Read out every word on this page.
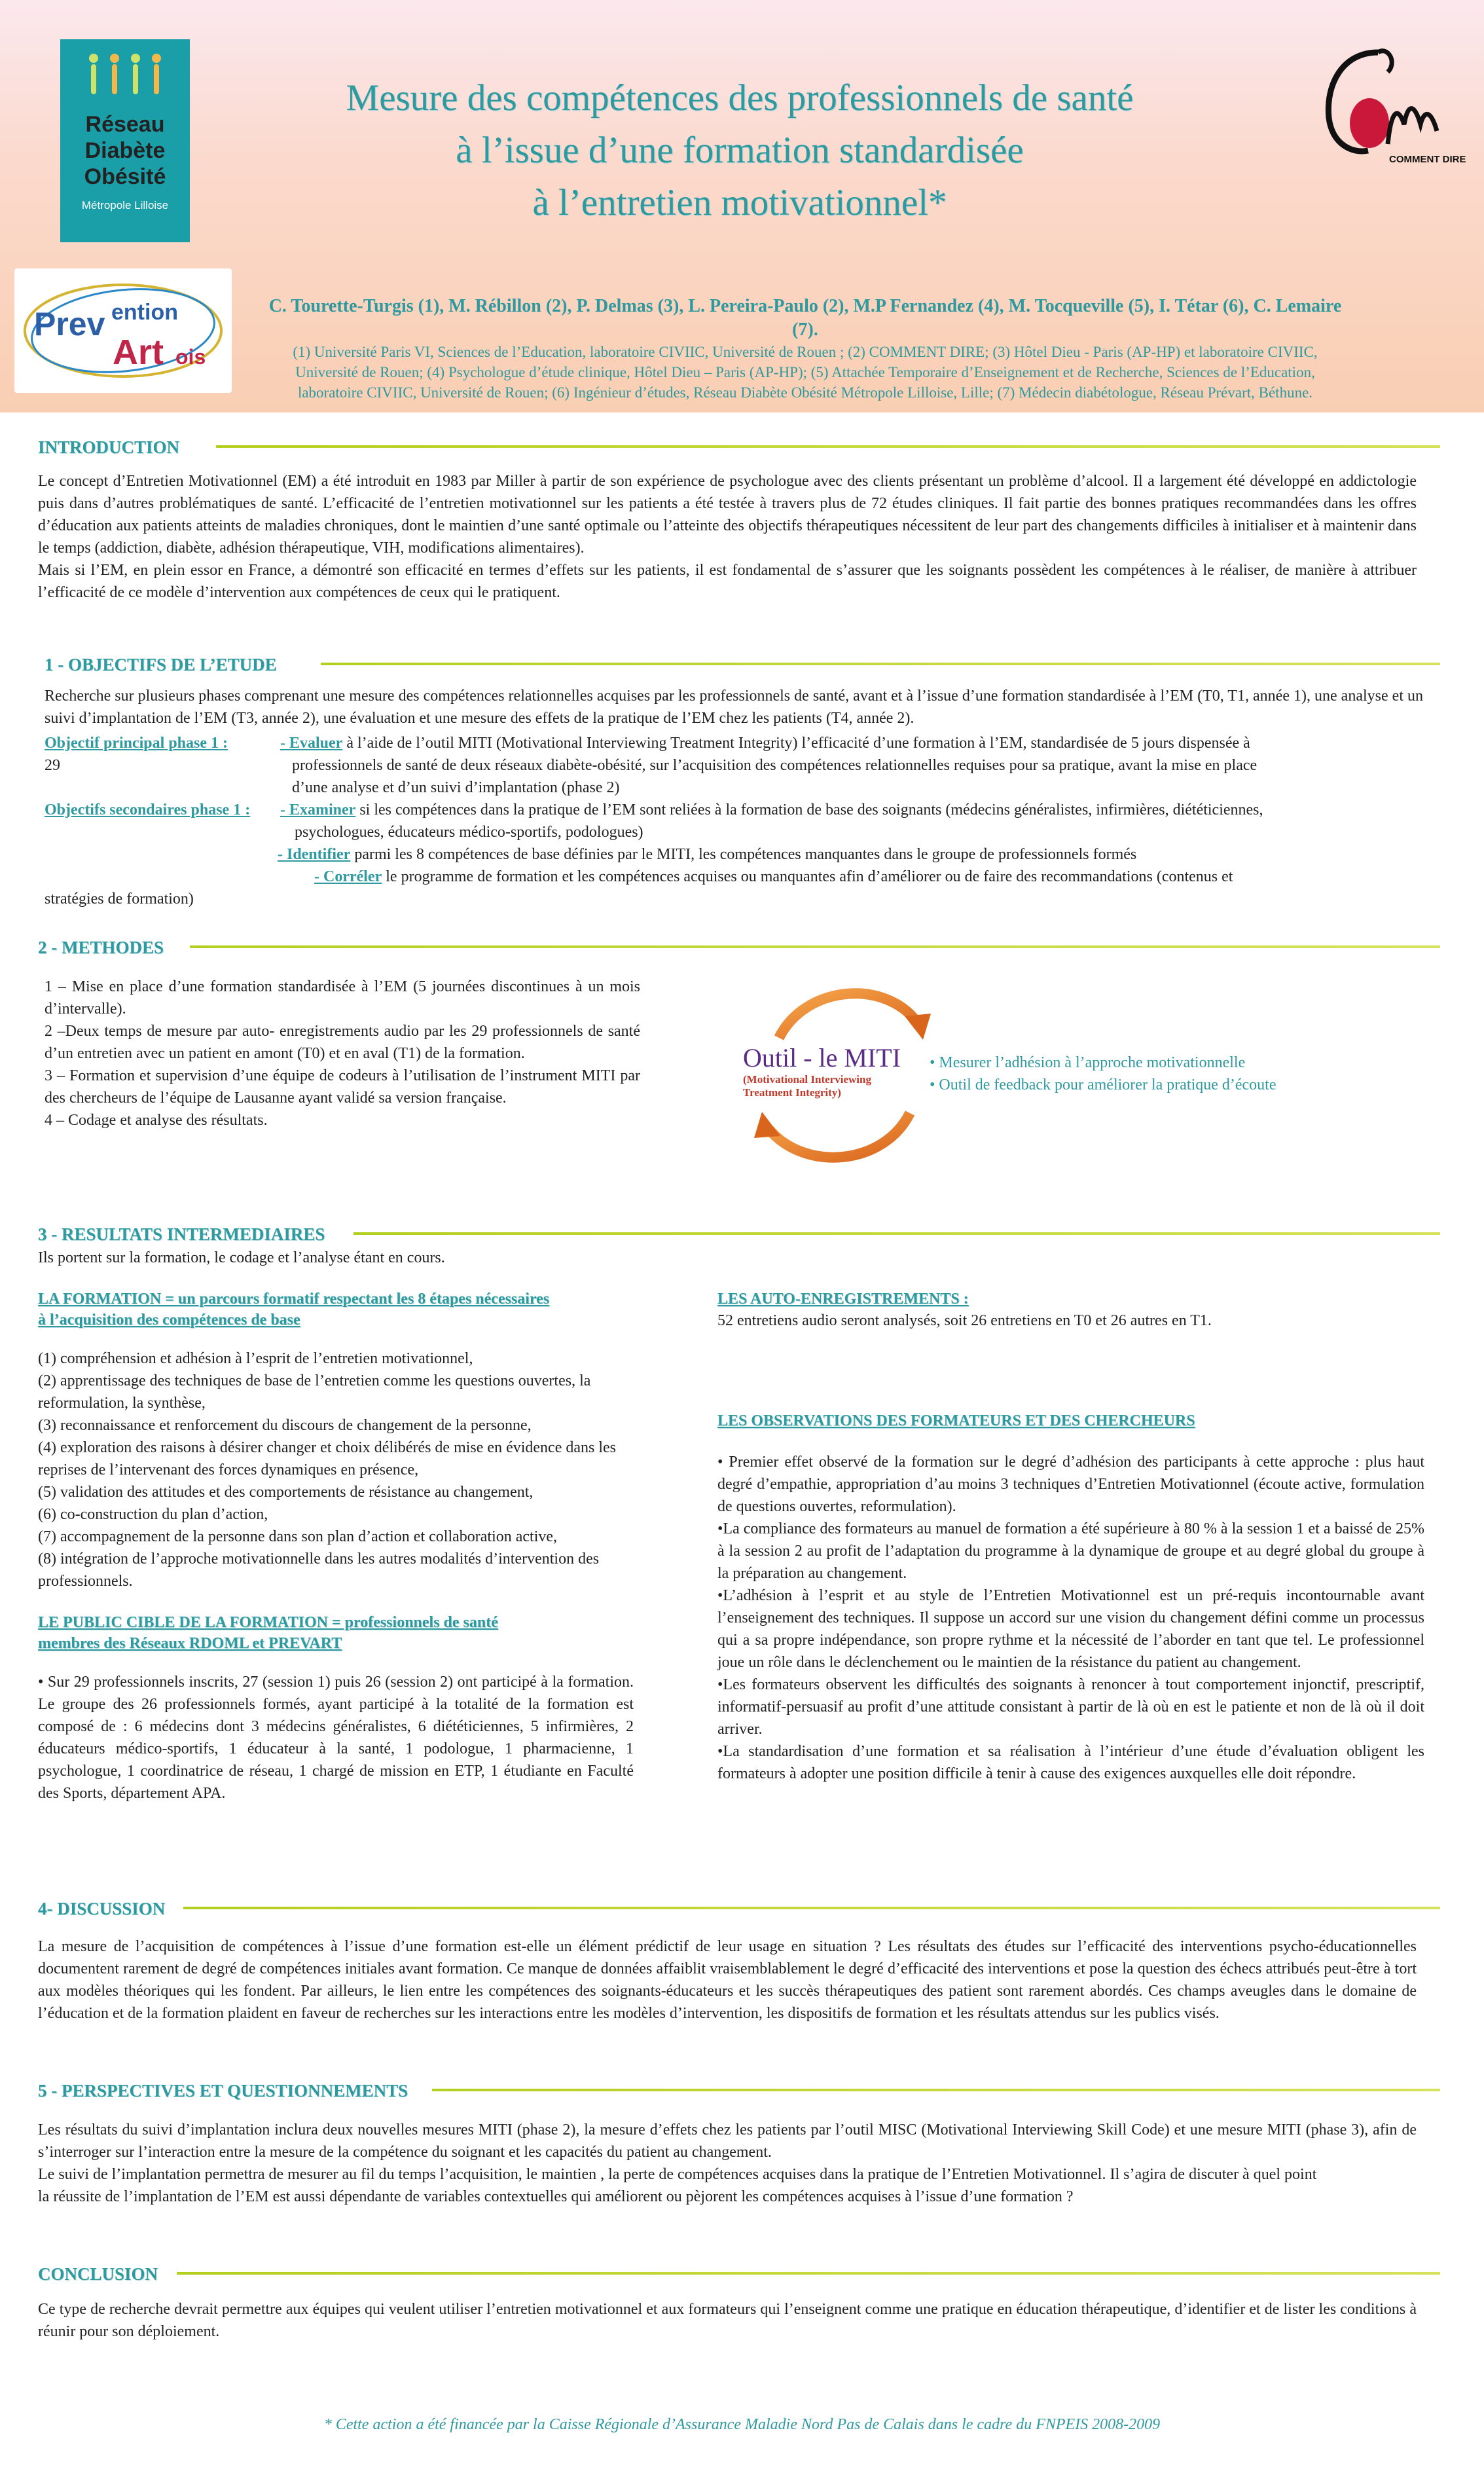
Réseau
Diabète
Obésité
Métropole Lilloise
Mesure des compétences des professionnels de santé
à l’issue d’une formation standardisée
à l’entretien motivationnel*
COMMENT DIRE
Prev ention
Art ois
C. Tourette-Turgis (1), M. Rébillon (2), P. Delmas (3), L. Pereira-Paulo (2), M.P Fernandez (4), M. Tocqueville (5), I. Tétar (6), C. Lemaire (7).
(1) Université Paris VI, Sciences de l’Education, laboratoire CIVIIC, Université de Rouen ; (2) COMMENT DIRE; (3) Hôtel Dieu - Paris (AP-HP) et laboratoire CIVIIC, Université de Rouen; (4) Psychologue d’étude clinique, Hôtel Dieu – Paris (AP-HP); (5) Attachée Temporaire d’Enseignement et de Recherche, Sciences de l’Education, laboratoire CIVIIC, Université de Rouen; (6) Ingénieur d’études, Réseau Diabète Obésité Métropole Lilloise, Lille; (7) Médecin diabétologue, Réseau Prévart, Béthune.
INTRODUCTION

Le concept d’Entretien Motivationnel (EM) a été introduit en 1983 par Miller à partir de son expérience de psychologue avec des clients présentant un problème d’alcool. Il a largement été développé en addictologie puis dans d’autres problématiques de santé. L’efficacité de l’entretien motivationnel sur les patients a été testée à travers plus de 72 études cliniques. Il fait partie des bonnes pratiques recommandées dans les offres d’éducation aux patients atteints de maladies chroniques, dont le maintien d’une santé optimale ou l’atteinte des objectifs thérapeutiques nécessitent de leur part des changements difficiles à initialiser et à maintenir dans le temps (addiction, diabète, adhésion thérapeutique, VIH, modifications alimentaires).

Mais si l’EM, en plein essor en France, a démontré son efficacité en termes d’effets sur les patients, il est fondamental de s’assurer que les soignants possèdent les compétences à le réaliser, de manière à attribuer l’efficacité de ce modèle d’intervention aux compétences de ceux qui le pratiquent.

1 - OBJECTIFS DE L’ETUDE
Recherche sur plusieurs phases comprenant une mesure des compétences relationnelles acquises par les professionnels de santé, avant et à l’issue d’une formation standardisée à l’EM (T0, T1, année 1), une analyse et un suivi d’implantation de l’EM (T3, année 2), une évaluation et une mesure des effets de la pratique de l’EM chez les patients (T4, année 2).
Objectif principal phase 1 :	- Evaluer à l’aide de l’outil MITI (Motivational Interviewing Treatment Integrity) l’efficacité d’une formation à l’EM, standardisée de 5 jours dispensée à
29	professionnels de santé de deux réseaux diabète-obésité, sur l’acquisition des compétences relationnelles requises pour sa pratique, avant la mise en place
d’une analyse et d’un suivi d’implantation (phase 2)
Objectifs secondaires phase 1 : - Examiner si les compétences dans la pratique de l’EM sont reliées à la formation de base des soignants (médecins généralistes, infirmières, diététiciennes,
psychologues, éducateurs médico-sportifs, podologues)
- Identifier parmi les 8 compétences de base définies par le MITI, les compétences manquantes dans le groupe de professionnels formés
- Corréler le programme de formation et les compétences acquises ou manquantes afin d’améliorer ou de faire des recommandations (contenus et
stratégies de formation)
2 - METHODES

1 – Mise en place d’une formation standardisée à l’EM (5 journées discontinues à un mois d’intervalle).

2 –Deux temps de mesure par auto- enregistrements audio par les 29 professionnels de santé d’un entretien avec un patient en amont (T0) et en aval (T1) de la formation.

3 – Formation et supervision d’une équipe de codeurs à l’utilisation de l’instrument MITI par des chercheurs de l’équipe de Lausanne ayant validé sa version française.

4 – Codage et analyse des résultats.

Outil - le MITI
(Motivational Interviewing
Treatment Integrity)
• Mesurer l’adhésion à l’approche motivationnelle
• Outil de feedback pour améliorer la pratique d’écoute
3 - RESULTATS INTERMEDIAIRES
Ils portent sur la formation, le codage et l’analyse étant en cours.
LA FORMATION = un parcours formatif respectant les 8 étapes nécessaires
à l’acquisition des compétences de base

(1) compréhension et adhésion à l’esprit de l’entretien motivationnel,

(2) apprentissage des techniques de base de l’entretien comme les questions ouvertes, la reformulation, la synthèse,

(3) reconnaissance et renforcement du discours de changement de la personne,

(4) exploration des raisons à désirer changer et choix délibérés de mise en évidence dans les reprises de l’intervenant des forces dynamiques en présence,

(5) validation des attitudes et des comportements de résistance au changement,

(6) co-construction du plan d’action,

(7) accompagnement de la personne dans son plan d’action et collaboration active,

(8) intégration de l’approche motivationnelle dans les autres modalités d’intervention des professionnels.

LE PUBLIC CIBLE DE LA FORMATION = professionnels de santé
membres des Réseaux RDOML et PREVART
• Sur 29 professionnels inscrits, 27 (session 1) puis 26 (session 2) ont participé à la formation. Le groupe des 26 professionnels formés, ayant participé à la totalité de la formation est composé de : 6 médecins dont 3 médecins généralistes, 6 diététiciennes, 5 infirmières, 2 éducateurs médico-sportifs, 1 éducateur à la santé, 1 podologue, 1 pharmacienne, 1 psychologue, 1 coordinatrice de réseau, 1 chargé de mission en ETP, 1 étudiante en Faculté des Sports, département APA.
LES AUTO-ENREGISTREMENTS :
52 entretiens audio seront analysés, soit 26 entretiens en T0 et 26 autres en T1.
LES OBSERVATIONS DES FORMATEURS ET DES CHERCHEURS

• Premier effet observé de la formation sur le degré d’adhésion des participants à cette approche : plus haut degré d’empathie, appropriation d’au moins 3 techniques d’Entretien Motivationnel (écoute active, formulation de questions ouvertes, reformulation).

•La compliance des formateurs au manuel de formation a été supérieure à 80 % à la session 1 et a baissé de 25% à la session 2 au profit de l’adaptation du programme à la dynamique de groupe et au degré global du groupe à la préparation au changement.

•L’adhésion à l’esprit et au style de l’Entretien Motivationnel est un pré-requis incontournable avant l’enseignement des techniques. Il suppose un accord sur une vision du changement défini comme un processus qui a sa propre indépendance, son propre rythme et la nécessité de l’aborder en tant que tel. Le professionnel joue un rôle dans le déclenchement ou le maintien de la résistance du patient au changement.

•Les formateurs observent les difficultés des soignants à renoncer à tout comportement injonctif, prescriptif, informatif-persuasif au profit d’une attitude consistant à partir de là où en est le patiente et non de là où il doit arriver.

•La standardisation d’une formation et sa réalisation à l’intérieur d’une étude d’évaluation obligent les formateurs à adopter une position difficile à tenir à cause des exigences auxquelles elle doit répondre.

4- DISCUSSION
La mesure de l’acquisition de compétences à l’issue d’une formation est-elle un élément prédictif de leur usage en situation ? Les résultats des études sur l’efficacité des interventions psycho-éducationnelles documentent rarement de degré de compétences initiales avant formation. Ce manque de données affaiblit vraisemblablement le degré d’efficacité des interventions et pose la question des échecs attribués peut-être à tort aux modèles théoriques qui les fondent. Par ailleurs, le lien entre les compétences des soignants-éducateurs et les succès thérapeutiques des patient sont rarement abordés. Ces champs aveugles dans le domaine de l’éducation et de la formation plaident en faveur de recherches sur les interactions entre les modèles d’intervention, les dispositifs de formation et les résultats attendus sur les publics visés.
5 - PERSPECTIVES ET QUESTIONNEMENTS

Les résultats du suivi d’implantation inclura deux nouvelles mesures MITI (phase 2), la mesure d’effets chez les patients par l’outil MISC (Motivational Interviewing Skill Code) et une mesure MITI (phase 3), afin de s’interroger sur l’interaction entre la mesure de la compétence du soignant et les capacités du patient au changement.

Le suivi de l’implantation permettra de mesurer au fil du temps l’acquisition, le maintien , la perte de compétences acquises dans la pratique de l’Entretien Motivationnel. Il s’agira de discuter à quel point

la réussite de l’implantation de l’EM est aussi dépendante de variables contextuelles qui améliorent ou pèjorent les compétences acquises à l’issue d’une formation ?

CONCLUSION
Ce type de recherche devrait permettre aux équipes qui veulent utiliser l’entretien motivationnel et aux formateurs qui l’enseignent comme une pratique en éducation thérapeutique, d’identifier et de lister les conditions à réunir pour son déploiement.
* Cette action a été financée par la Caisse Régionale d’Assurance Maladie Nord Pas de Calais dans le cadre du FNPEIS 2008-2009
